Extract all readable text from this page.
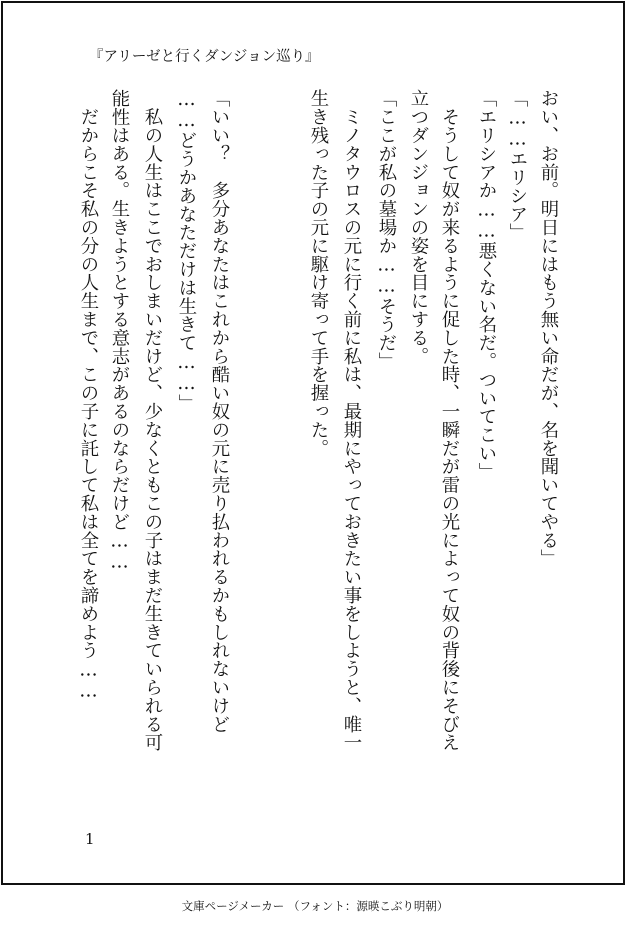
『アリーゼと行くダンジョン巡り』
おい、お前。明日にはもう無い命だが、名を聞いてやる」
「……エリシア」
「エリシアか……悪くない名だ。ついてこい」
　そうして奴が来るように促した時、一瞬だが雷の光によって奴の背後にそびえ
立つダンジョンの姿を目にする。
「ここが私の墓場か……そうだ」
　ミノタウロスの元に行く前に私は、最期にやっておきたい事をしようと、唯一
生き残った子の元に駆け寄って手を握った。
「いい？　多分あなたはこれから酷い奴の元に売り払われるかもしれないけど
……どうかあなただけは生きて……」
　私の人生はここでおしまいだけど、少なくともこの子はまだ生きていられる可
能性はある。生きようとする意志があるのならだけど……
　だからこそ私の分の人生まで、この子に託して私は全てを諦めよう……
1
文庫ページメーカー （フォント：源暎こぶり明朝）
